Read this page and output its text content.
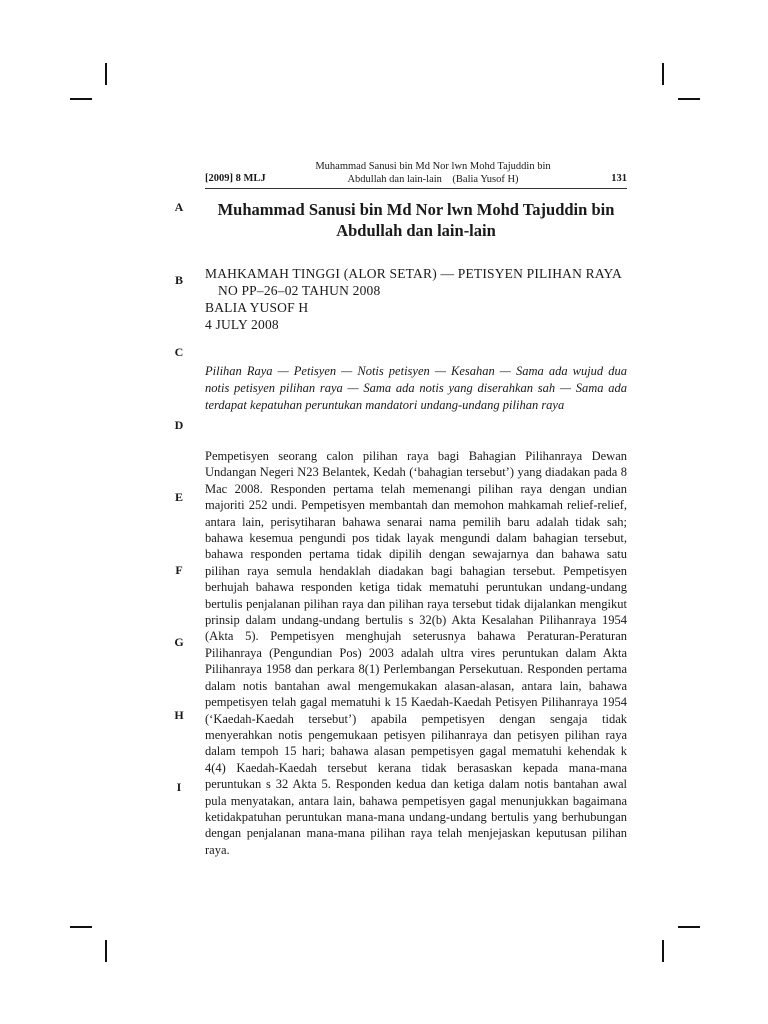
[2009] 8 MLJ
Muhammad Sanusi bin Md Nor lwn Mohd Tajuddin bin
Abdullah dan lain-lain    (Balia Yusof H)	131
A
B
C
D
E
F
G
H
I
Muhammad Sanusi bin Md Nor lwn Mohd Tajuddin bin
Abdullah dan lain-lain
MAHKAMAH TINGGI (ALOR SETAR) — PETISYEN PILIHAN RAYA
NO PP–26–02 TAHUN 2008
BALIA YUSOF H
4 JULY 2008
Pilihan Raya — Petisyen — Notis petisyen — Kesahan — Sama ada wujud dua notis petisyen pilihan raya — Sama ada notis yang diserahkan sah — Sama ada terdapat kepatuhan peruntukan mandatori undang-undang pilihan raya

Pempetisyen seorang calon pilihan raya bagi Bahagian Pilihanraya Dewan Undangan Negeri N23 Belantek, Kedah (‘bahagian tersebut’) yang diadakan pada 8 Mac 2008. Responden pertama telah memenangi pilihan raya dengan undian majoriti 252 undi. Pempetisyen membantah dan memohon mahkamah relief-relief, antara lain, perisytiharan bahawa senarai nama pemilih baru adalah tidak sah; bahawa kesemua pengundi pos tidak layak mengundi dalam bahagian tersebut, bahawa responden pertama tidak dipilih dengan sewajarnya dan bahawa satu pilihan raya semula hendaklah diadakan bagi bahagian tersebut. Pempetisyen berhujah bahawa responden ketiga tidak mematuhi peruntukan undang-undang bertulis penjalanan pilihan raya dan pilihan raya tersebut tidak dijalankan mengikut prinsip dalam undang-undang bertulis s 32(b) Akta Kesalahan Pilihanraya 1954 (Akta 5). Pempetisyen menghujah seterusnya bahawa Peraturan-Peraturan Pilihanraya (Pengundian Pos) 2003 adalah ultra vires peruntukan dalam Akta Pilihanraya 1958 dan perkara 8(1) Perlembangan Persekutuan. Responden pertama dalam notis bantahan awal mengemukakan alasan-alasan, antara lain, bahawa pempetisyen telah gagal mematuhi k 15 Kaedah-Kaedah Petisyen Pilihanraya 1954 (‘Kaedah-Kaedah tersebut’) apabila pempetisyen dengan sengaja tidak menyerahkan notis pengemukaan petisyen pilihanraya dan petisyen pilihan raya dalam tempoh 15 hari; bahawa alasan pempetisyen gagal mematuhi kehendak k 4(4) Kaedah-Kaedah tersebut kerana tidak berasaskan kepada mana-mana peruntukan s 32 Akta 5. Responden kedua dan ketiga dalam notis bantahan awal pula menyatakan, antara lain, bahawa pempetisyen gagal menunjukkan bagaimana ketidakpatuhan peruntukan mana-mana undang-undang bertulis yang berhubungan dengan penjalanan mana-mana pilihan raya telah menjejaskan keputusan pilihan raya.
